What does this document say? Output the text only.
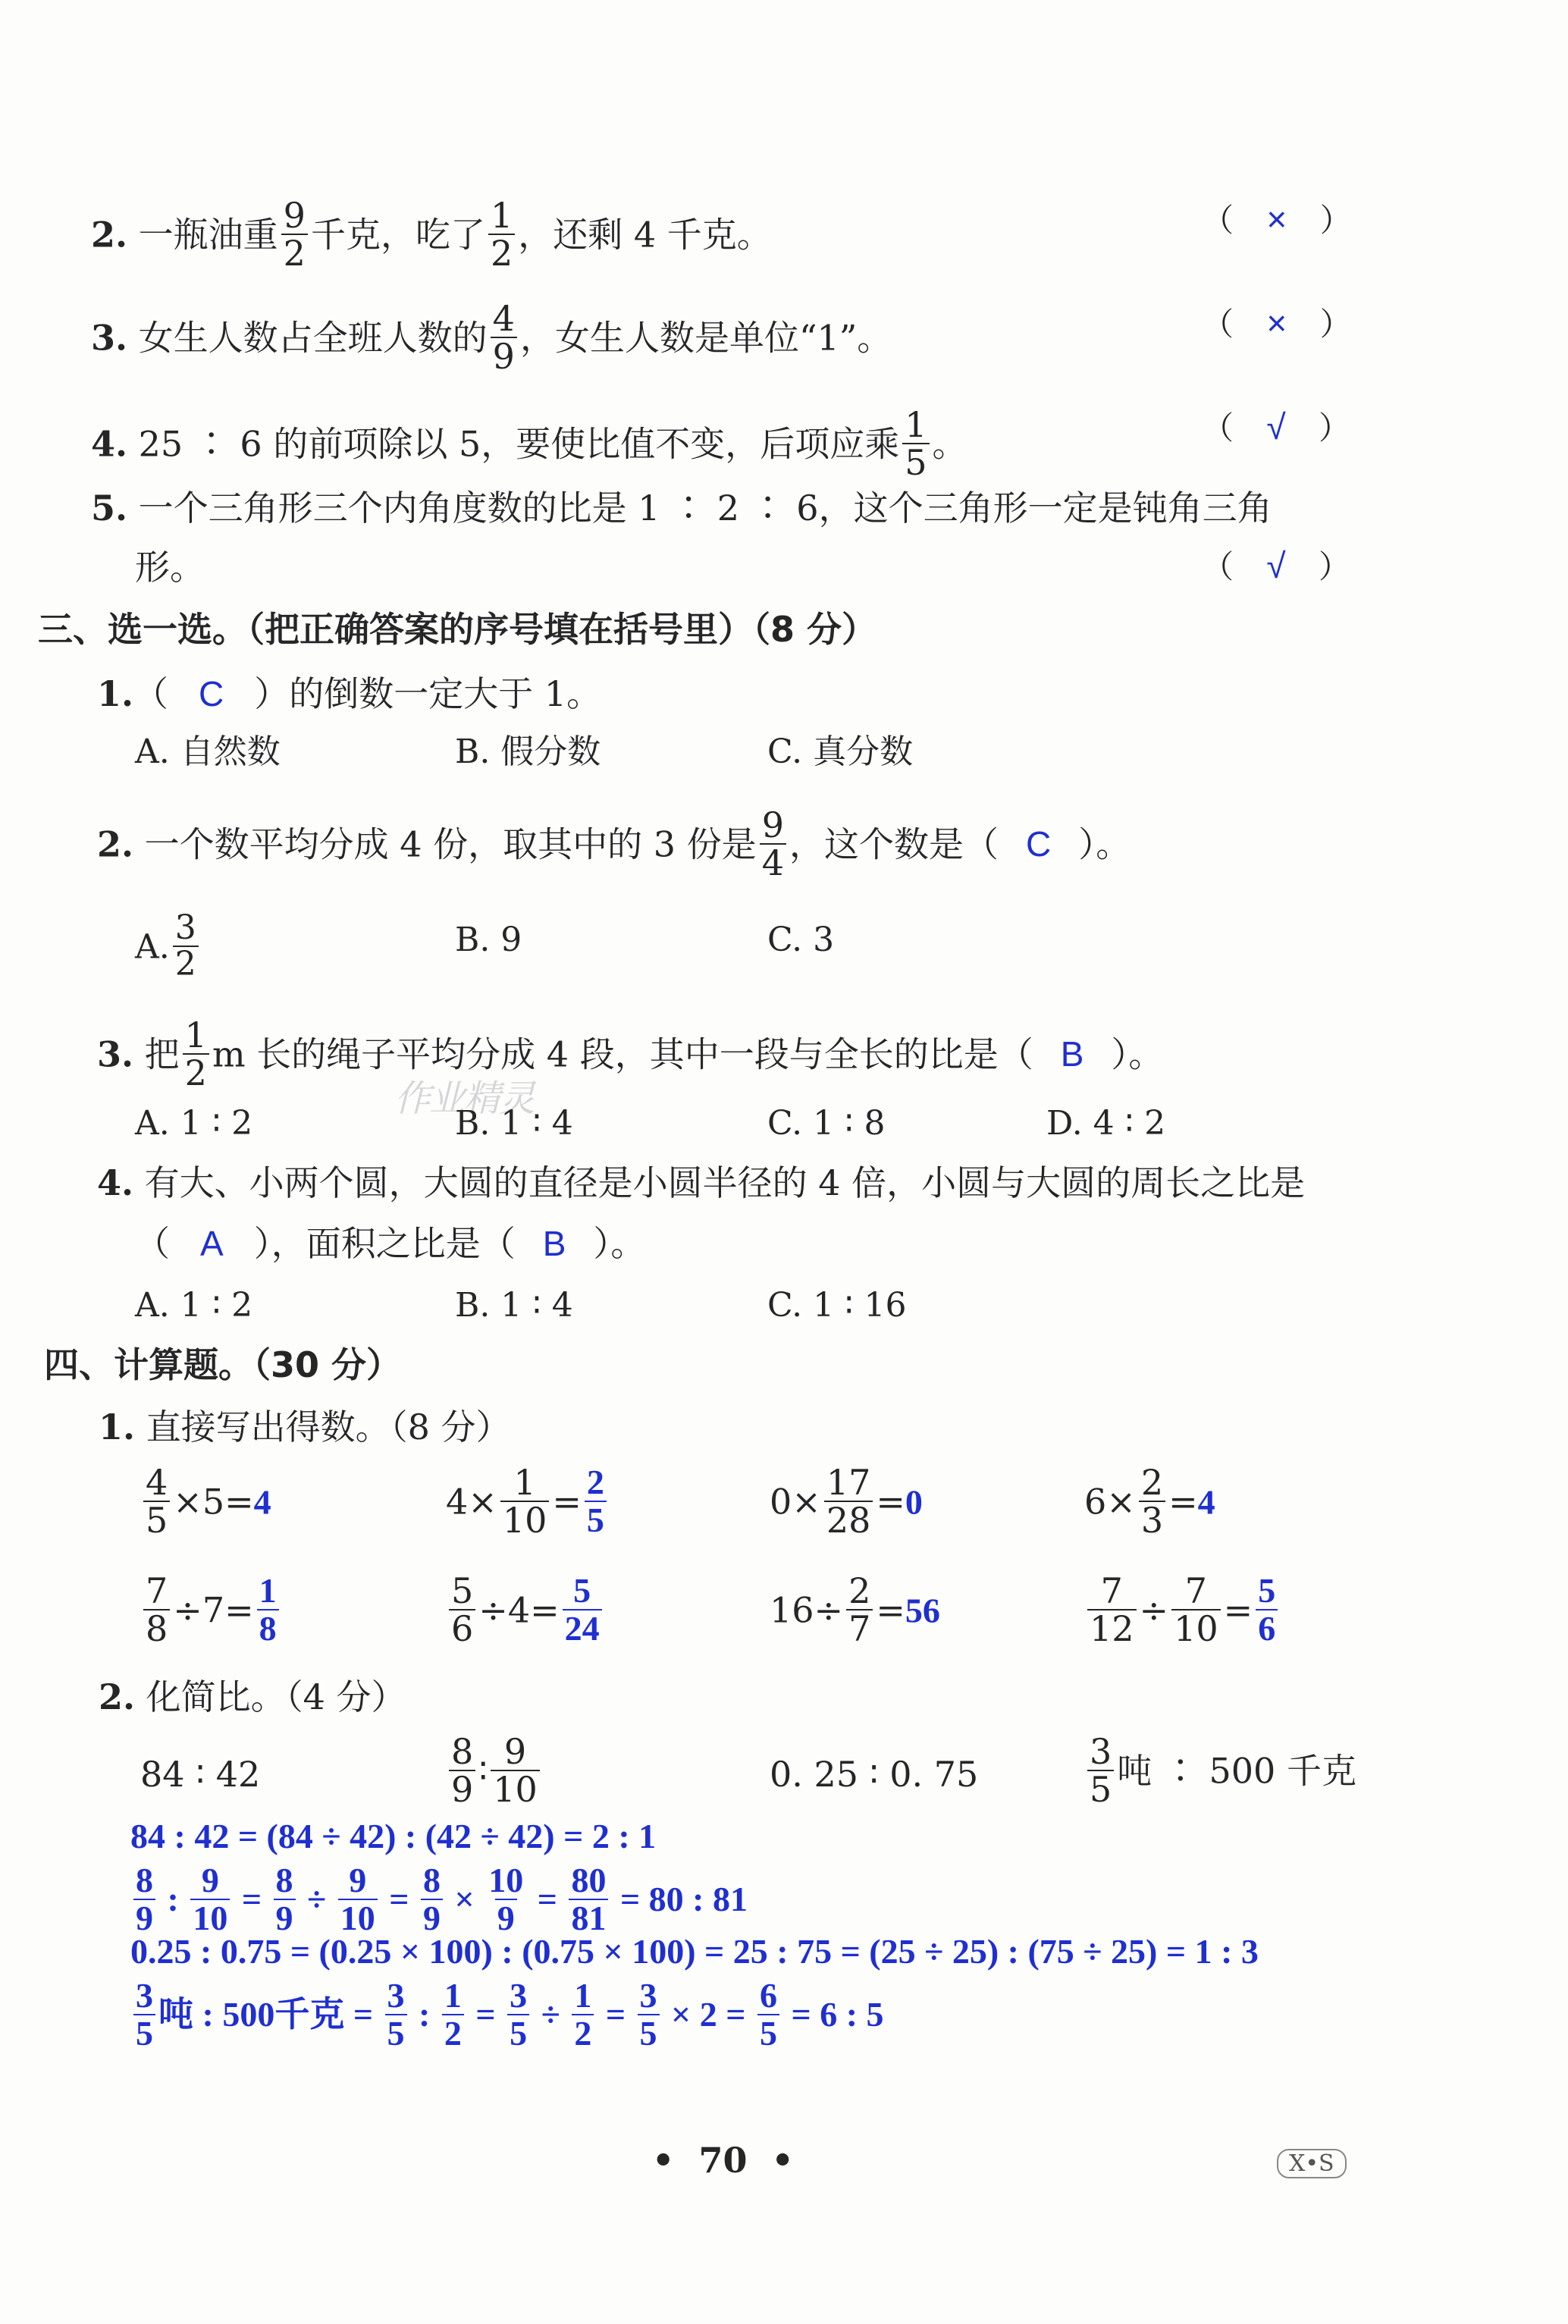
2. 一瓶油重 $\frac{9}{2}$ 千克，吃了 $\frac{1}{2}$ ，还剩 4 千克。	（ × ）
3. 女生人数占全班人数的 $\frac{4}{9}$ ，女生人数是单位“1”。	（ × ）
4. 25 ∶ 6 的前项除以 5，要使比值不变，后项应乘 $\frac{1}{5}$ 。	（ √ ）
5. 一个三角形三个内角度数的比是 1 ∶ 2 ∶ 6，这个三角形一定是钝角三角
形。	（ √ ）
三、选一选。（把正确答案的序号填在括号里）（8 分）
1.（ C ）的倒数一定大于 1。
A. 自然数	B. 假分数	C. 真分数
2. 一个数平均分成 4 份，取其中的 3 份是 $\frac{9}{4}$ ，这个数是（ C ）。
A. $\frac{3}{2}$	B. 9	C. 3
3. 把 $\frac{1}{2}$ m 长的绳子平均分成 4 段，其中一段与全长的比是（ B ）。
作业精灵
A. 1 ∶ 2	B. 1 ∶ 4	C. 1 ∶ 8	D. 4 ∶ 2
4. 有大、小两个圆，大圆的直径是小圆半径的 4 倍，小圆与大圆的周长之比是
（ A ），面积之比是（ B ）。
A. 1 ∶ 2	B. 1 ∶ 4	C. 1 ∶ 16
四、计算题。（30 分）
1. 直接写出得数。（8 分）
$\frac{4}{5} \times 5=4$	$4\times \frac{1}{10} = \frac{2}{5}$	$0\times \frac{17}{28} =0$	$6\times \frac{2}{3} =4$
$\frac{7}{8} \div 7= \frac{1}{8}$	$\frac{5}{6} \div 4= \frac{5}{24}$	$16\div \frac{2}{7} =56$	$\frac{7}{12} \div \frac{7}{10} = \frac{5}{6}$
2. 化简比。（4 分）
84 ∶ 42	$\frac{8}{9}$ ∶ $\frac{9}{10}$	0. 25 ∶ 0. 75	$\frac{3}{5}$ 吨 ∶ 500 千克
84 : 42 = (84 ÷ 42) : (42 ÷ 42) = 2 : 1
$\frac{8}{9}$ : $\frac{9}{10} = \frac{8}{9} \div \frac{9}{10} = \frac{8}{9} \times \frac{10}{9} = \frac{80}{81} = 80$ : 81
0.25 : 0.75 = (0.25 × 100) : (0.75 × 100) = 25 : 75 = (25 ÷ 25) : (75 ÷ 25) = 1 : 3
$\frac{3}{5}$ 吨 : 500千克 = $\frac{3}{5}$ : $\frac{1}{2} = \frac{3}{5} \div \frac{1}{2} = \frac{3}{5} \times 2 = \frac{6}{5} = 6$ : 5
• 70 •	X•S
